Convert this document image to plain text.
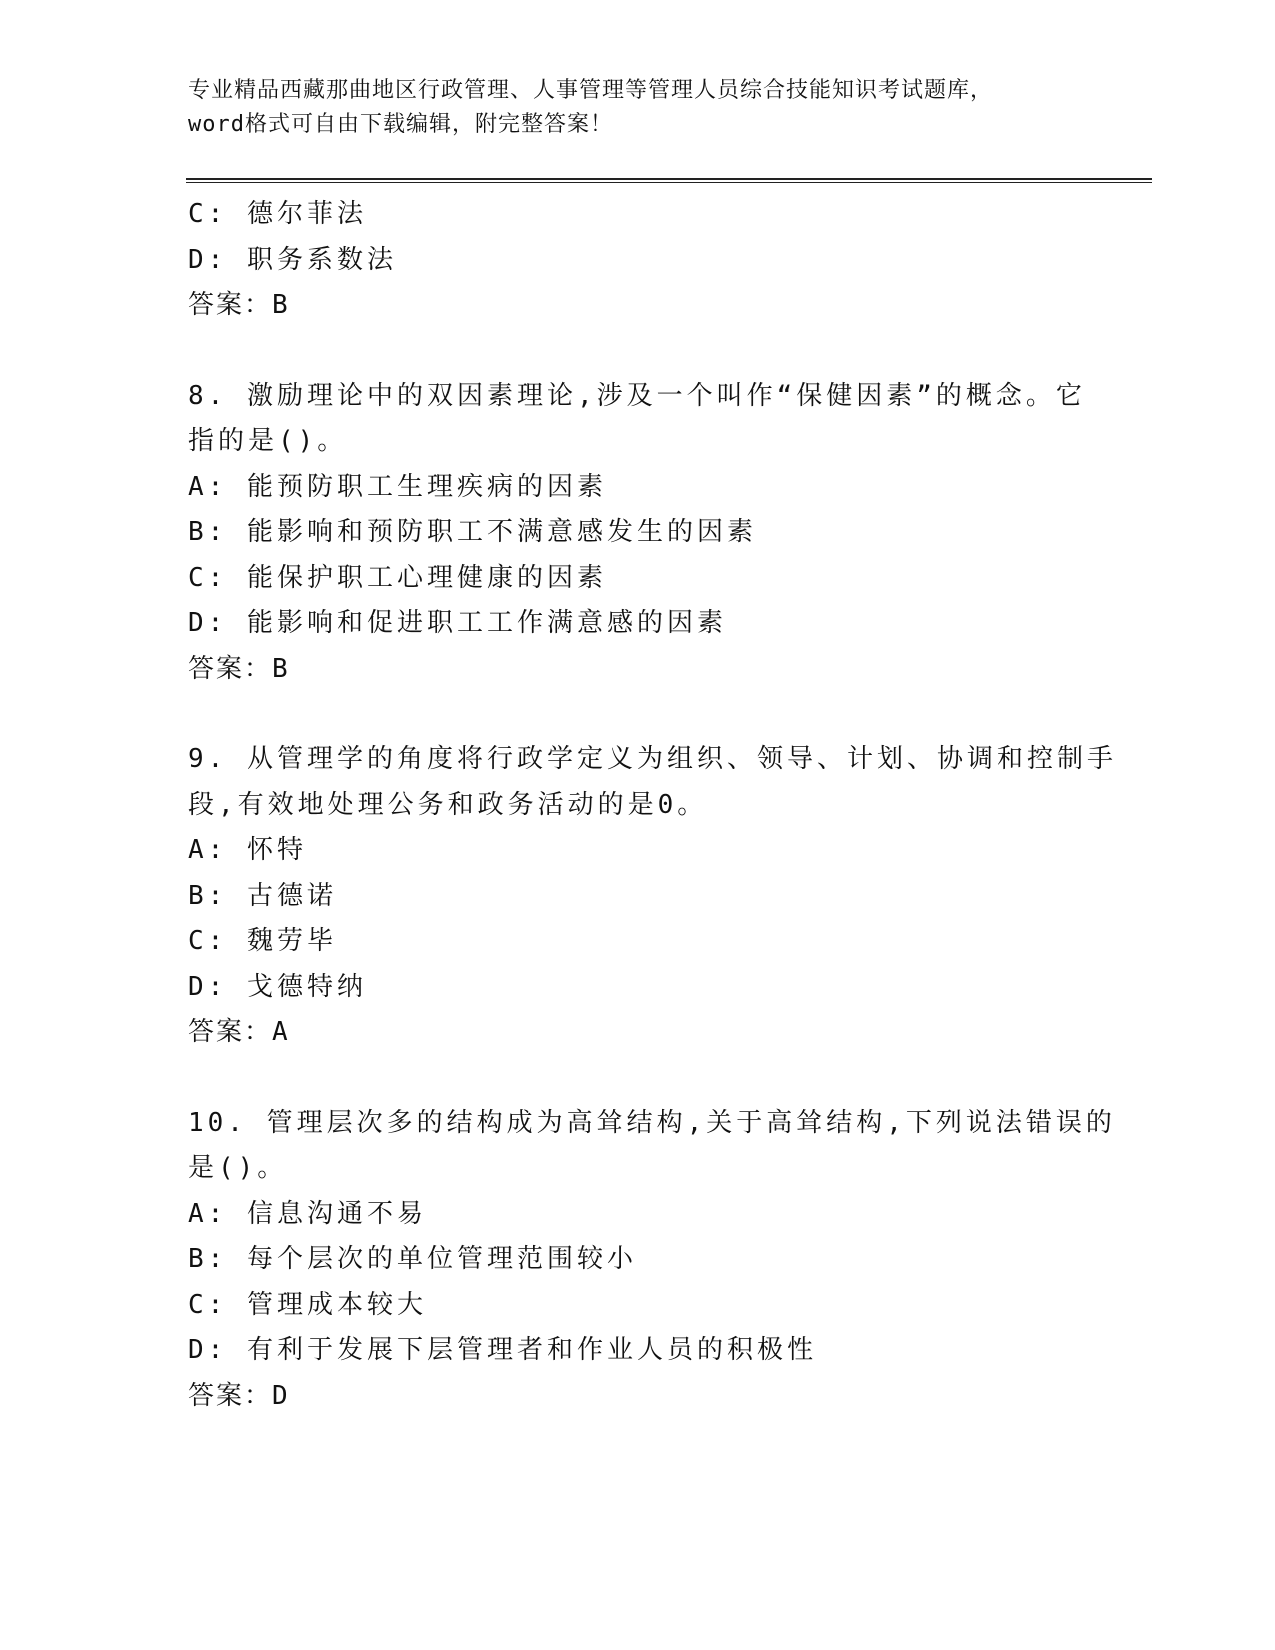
专业精品西藏那曲地区行政管理、人事管理等管理人员综合技能知识考试题库，
word格式可自由下载编辑，附完整答案！
C: 德尔菲法
D: 职务系数法
答案：B
8. 激励理论中的双因素理论,涉及一个叫作“保健因素”的概念。它
指的是()。
A: 能预防职工生理疾病的因素
B: 能影响和预防职工不满意感发生的因素
C: 能保护职工心理健康的因素
D: 能影响和促进职工工作满意感的因素
答案：B
9. 从管理学的角度将行政学定义为组织、领导、计划、协调和控制手
段,有效地处理公务和政务活动的是0。
A: 怀特
B: 古德诺
C: 魏劳毕
D: 戈德特纳
答案：A
10. 管理层次多的结构成为高耸结构,关于高耸结构,下列说法错误的
是()。
A: 信息沟通不易
B: 每个层次的单位管理范围较小
C: 管理成本较大
D: 有利于发展下层管理者和作业人员的积极性
答案：D
